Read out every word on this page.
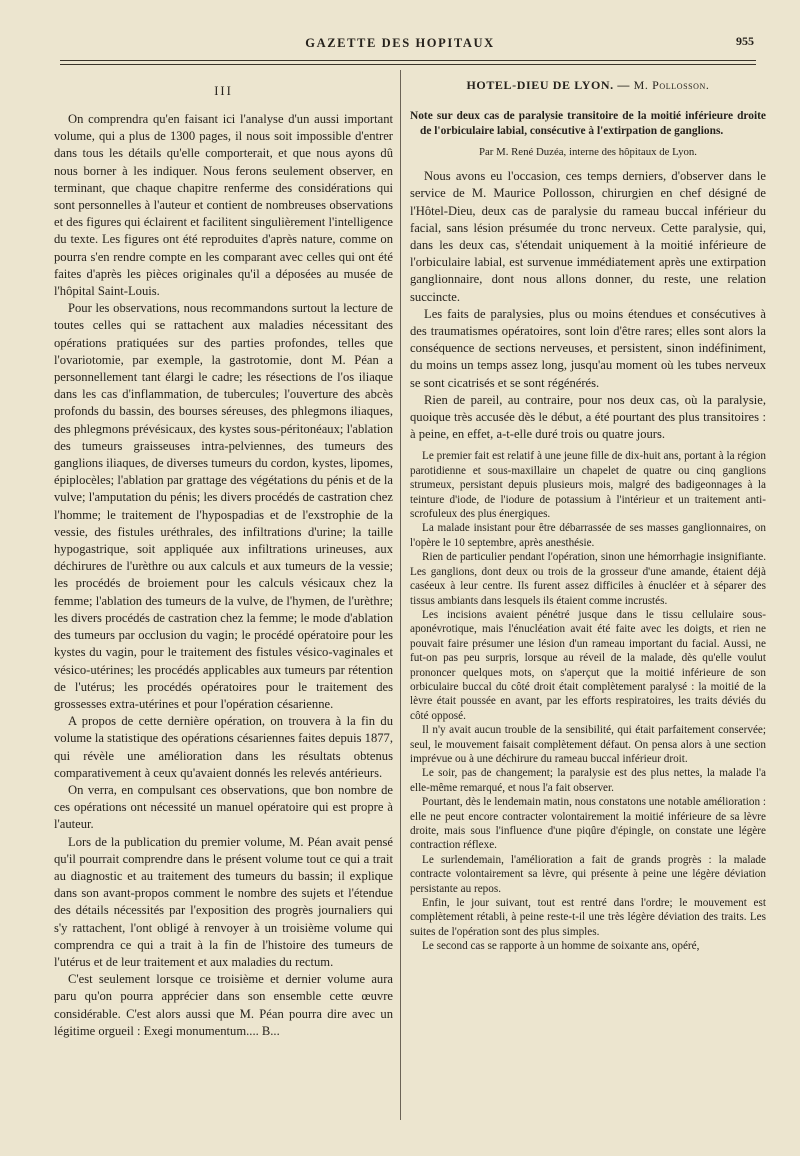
GAZETTE DES HOPITAUX	955
III

On comprendra qu'en faisant ici l'analyse d'un aussi important volume, qui a plus de 1300 pages, il nous soit impossible d'entrer dans tous les détails qu'elle comporterait, et que nous ayons dû nous borner à les indiquer. Nous ferons seulement observer, en terminant, que chaque chapitre renferme des considérations qui sont personnelles à l'auteur et contient de nombreuses observations et des figures qui éclairent et facilitent singulièrement l'intelligence du texte. Les figures ont été reproduites d'après nature, comme on pourra s'en rendre compte en les comparant avec celles qui ont été faites d'après les pièces originales qu'il a déposées au musée de l'hôpital Saint-Louis.

Pour les observations, nous recommandons surtout la lecture de toutes celles qui se rattachent aux maladies nécessitant des opérations pratiquées sur des parties profondes, telles que l'ovariotomie, par exemple, la gastrotomie, dont M. Péan a personnellement tant élargi le cadre; les résections de l'os iliaque dans les cas d'inflammation, de tubercules; l'ouverture des abcès profonds du bassin, des bourses séreuses, des phlegmons iliaques, des phlegmons prévésicaux, des kystes sous-péritonéaux; l'ablation des tumeurs graisseuses intra-pelviennes, des tumeurs des ganglions iliaques, de diverses tumeurs du cordon, kystes, lipomes, épiplocèles; l'ablation par grattage des végétations du pénis et de la vulve; l'amputation du pénis; les divers procédés de castration chez l'homme; le traitement de l'hypospadias et de l'exstrophie de la vessie, des fistules uréthrales, des infiltrations d'urine; la taille hypogastrique, soit appliquée aux infiltrations urineuses, aux déchirures de l'urèthre ou aux calculs et aux tumeurs de la vessie; les procédés de broiement pour les calculs vésicaux chez la femme; l'ablation des tumeurs de la vulve, de l'hymen, de l'urèthre; les divers procédés de castration chez la femme; le mode d'ablation des tumeurs par occlusion du vagin; le procédé opératoire pour les kystes du vagin, pour le traitement des fistules vésico-vaginales et vésico-utérines; les procédés applicables aux tumeurs par rétention de l'utérus; les procédés opératoires pour le traitement des grossesses extra-utérines et pour l'opération césarienne.

A propos de cette dernière opération, on trouvera à la fin du volume la statistique des opérations césariennes faites depuis 1877, qui révèle une amélioration dans les résultats obtenus comparativement à ceux qu'avaient donnés les relevés antérieurs.

On verra, en compulsant ces observations, que bon nombre de ces opérations ont nécessité un manuel opératoire qui est propre à l'auteur.

Lors de la publication du premier volume, M. Péan avait pensé qu'il pourrait comprendre dans le présent volume tout ce qui a trait au diagnostic et au traitement des tumeurs du bassin; il explique dans son avant-propos comment le nombre des sujets et l'étendue des détails nécessités par l'exposition des progrès journaliers qui s'y rattachent, l'ont obligé à renvoyer à un troisième volume qui comprendra ce qui a trait à la fin de l'histoire des tumeurs de l'utérus et de leur traitement et aux maladies du rectum.

C'est seulement lorsque ce troisième et dernier volume aura paru qu'on pourra apprécier dans son ensemble cette œuvre considérable. C'est alors aussi que M. Péan pourra dire avec un légitime orgueil : Exegi monumentum.... B...

HOTEL-DIEU DE LYON. — M. Pollosson.
Note sur deux cas de paralysie transitoire de la moitié inférieure droite de l'orbiculaire labial, consécutive à l'extirpation de ganglions.
Par M. René Duzéa, interne des hôpitaux de Lyon.

Nous avons eu l'occasion, ces temps derniers, d'observer dans le service de M. Maurice Pollosson, chirurgien en chef désigné de l'Hôtel-Dieu, deux cas de paralysie du rameau buccal inférieur du facial, sans lésion présumée du tronc nerveux. Cette paralysie, qui, dans les deux cas, s'étendait uniquement à la moitié inférieure de l'orbiculaire labial, est survenue immédiatement après une extirpation ganglionnaire, dont nous allons donner, du reste, une relation succincte.

Les faits de paralysies, plus ou moins étendues et consécutives à des traumatismes opératoires, sont loin d'être rares; elles sont alors la conséquence de sections nerveuses, et persistent, sinon indéfiniment, du moins un temps assez long, jusqu'au moment où les tubes nerveux se sont cicatrisés et se sont régénérés.

Rien de pareil, au contraire, pour nos deux cas, où la paralysie, quoique très accusée dès le début, a été pourtant des plus transitoires : à peine, en effet, a-t-elle duré trois ou quatre jours.

Le premier fait est relatif à une jeune fille de dix-huit ans, portant à la région parotidienne et sous-maxillaire un chapelet de quatre ou cinq ganglions strumeux, persistant depuis plusieurs mois, malgré des badigeonnages à la teinture d'iode, de l'iodure de potassium à l'intérieur et un traitement anti-scrofuleux des plus énergiques.

La malade insistant pour être débarrassée de ses masses ganglionnaires, on l'opère le 10 septembre, après anesthésie.

Rien de particulier pendant l'opération, sinon une hémorrhagie insignifiante. Les ganglions, dont deux ou trois de la grosseur d'une amande, étaient déjà caséeux à leur centre. Ils furent assez difficiles à énucléer et à séparer des tissus ambiants dans lesquels ils étaient comme incrustés.

Les incisions avaient pénétré jusque dans le tissu cellulaire sous-aponévrotique, mais l'énucléation avait été faite avec les doigts, et rien ne pouvait faire présumer une lésion d'un rameau important du facial. Aussi, ne fut-on pas peu surpris, lorsque au réveil de la malade, dès qu'elle voulut prononcer quelques mots, on s'aperçut que la moitié inférieure de son orbiculaire buccal du côté droit était complètement paralysé : la moitié de la lèvre était poussée en avant, par les efforts respiratoires, les traits déviés du côté opposé.

Il n'y avait aucun trouble de la sensibilité, qui était parfaitement conservée; seul, le mouvement faisait complètement défaut. On pensa alors à une section imprévue ou à une déchirure du rameau buccal inférieur droit.

Le soir, pas de changement; la paralysie est des plus nettes, la malade l'a elle-même remarqué, et nous l'a fait observer.

Pourtant, dès le lendemain matin, nous constatons une notable amélioration : elle ne peut encore contracter volontairement la moitié inférieure de sa lèvre droite, mais sous l'influence d'une piqûre d'épingle, on constate une légère contraction réflexe.

Le surlendemain, l'amélioration a fait de grands progrès : la malade contracte volontairement sa lèvre, qui présente à peine une légère déviation persistante au repos.

Enfin, le jour suivant, tout est rentré dans l'ordre; le mouvement est complètement rétabli, à peine reste-t-il une très légère déviation des traits. Les suites de l'opération sont des plus simples.

Le second cas se rapporte à un homme de soixante ans, opéré,
